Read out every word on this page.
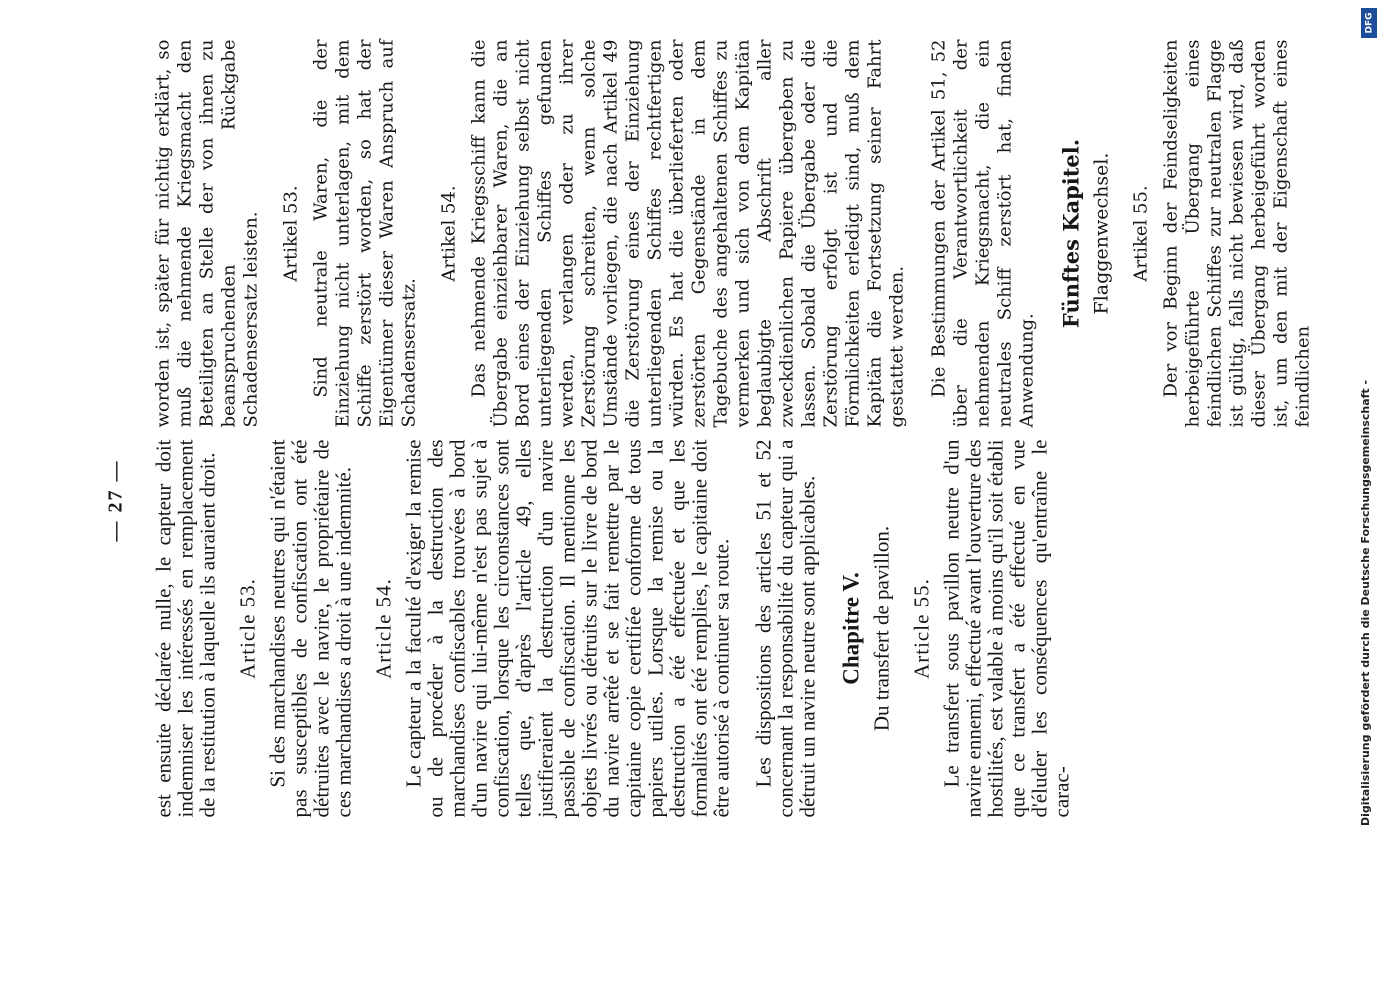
— 27 — est ensuite déclarée nulle, le capteur doit indemniser les intéressés en remplacement de la restitution à laquelle ils auraient droit. Article 53. Si des marchandises neutres qui n'étaient pas susceptibles de confiscation ont été détruites avec le navire, le propriétaire de ces marchandises a droit à une indemnité. Article 54. Le capteur a la faculté d'exiger la remise ou de procéder à la destruction des marchandises confiscables trouvées à bord d'un navire qui lui-même n'est pas sujet à confiscation, lorsque les circonstances sont telles que, d'après l'article 49, elles justifieraient la destruction d'un navire passible de confiscation. Il mentionne les objets livrés ou détruits sur le livre de bord du navire arrêté et se fait remettre par le capitaine copie certifiée conforme de tous papiers utiles. Lorsque la remise ou la destruction a été effectuée et que les formalités ont été remplies, le capitaine doit être autorisé à continuer sa route. Les dispositions des articles 51 et 52 concernant la responsabilité du capteur qui a détruit un navire neutre sont applicables. Chapitre V. Du transfert de pavillon. Article 55. Le transfert sous pavillon neutre d'un navire ennemi, effectué avant l'ouverture des hostilités, est valable à moins qu'il soit établi que ce transfert a été effectué en vue d'éluder les conséquences qu'entraîne le carac-

worden ist, später für nichtig erklärt, so muß die nehmende Kriegsmacht den Beteiligten an Stelle der von ihnen zu beanspruchenden Rückgabe Schadensersatz leisten. Artikel 53. Sind neutrale Waren, die der Einziehung nicht unterlagen, mit dem Schiffe zerstört worden, so hat der Eigentümer dieser Waren Anspruch auf Schadensersatz.

Artikel 54. Das nehmende Kriegsschiff kann die Übergabe einziehbarer Waren, die an Bord eines der Einziehung selbst nicht unterliegenden Schiffes gefunden werden, verlangen oder zu ihrer Zerstörung schreiten, wenn solche Umstände vorliegen, die nach Artikel 49 die Zerstörung eines der Einziehung unterliegenden Schiffes rechtfertigen würden. Es hat die überlieferten oder zerstörten Gegenstände in dem Tagebuche des angehaltenen Schiffes zu vermerken und sich von dem Kapitän beglaubigte Abschrift aller zweckdienlichen Papiere übergeben zu lassen. Sobald die Übergabe oder die Zerstörung erfolgt ist und die Förmlichkeiten erledigt sind, muß dem Kapitän die Fortsetzung seiner Fahrt gestattet werden. Die Bestimmungen der Artikel 51, 52 über die Verantwortlichkeit der nehmenden Kriegsmacht, die ein neutrales Schiff zerstört hat, finden Anwendung.

Fünftes Kapitel. Flaggenwechsel. Artikel 55. Der vor Beginn der Feindseligkeiten herbeigeführte Übergang eines feindlichen Schiffes zur neutralen Flagge ist gültig, falls nicht bewiesen wird, daß dieser Übergang herbeigeführt worden ist, um den mit der Eigenschaft eines feindlichen

Digitalisierung gefördert durch die Deutsche Forschungsgemeinschaft -
DFG
